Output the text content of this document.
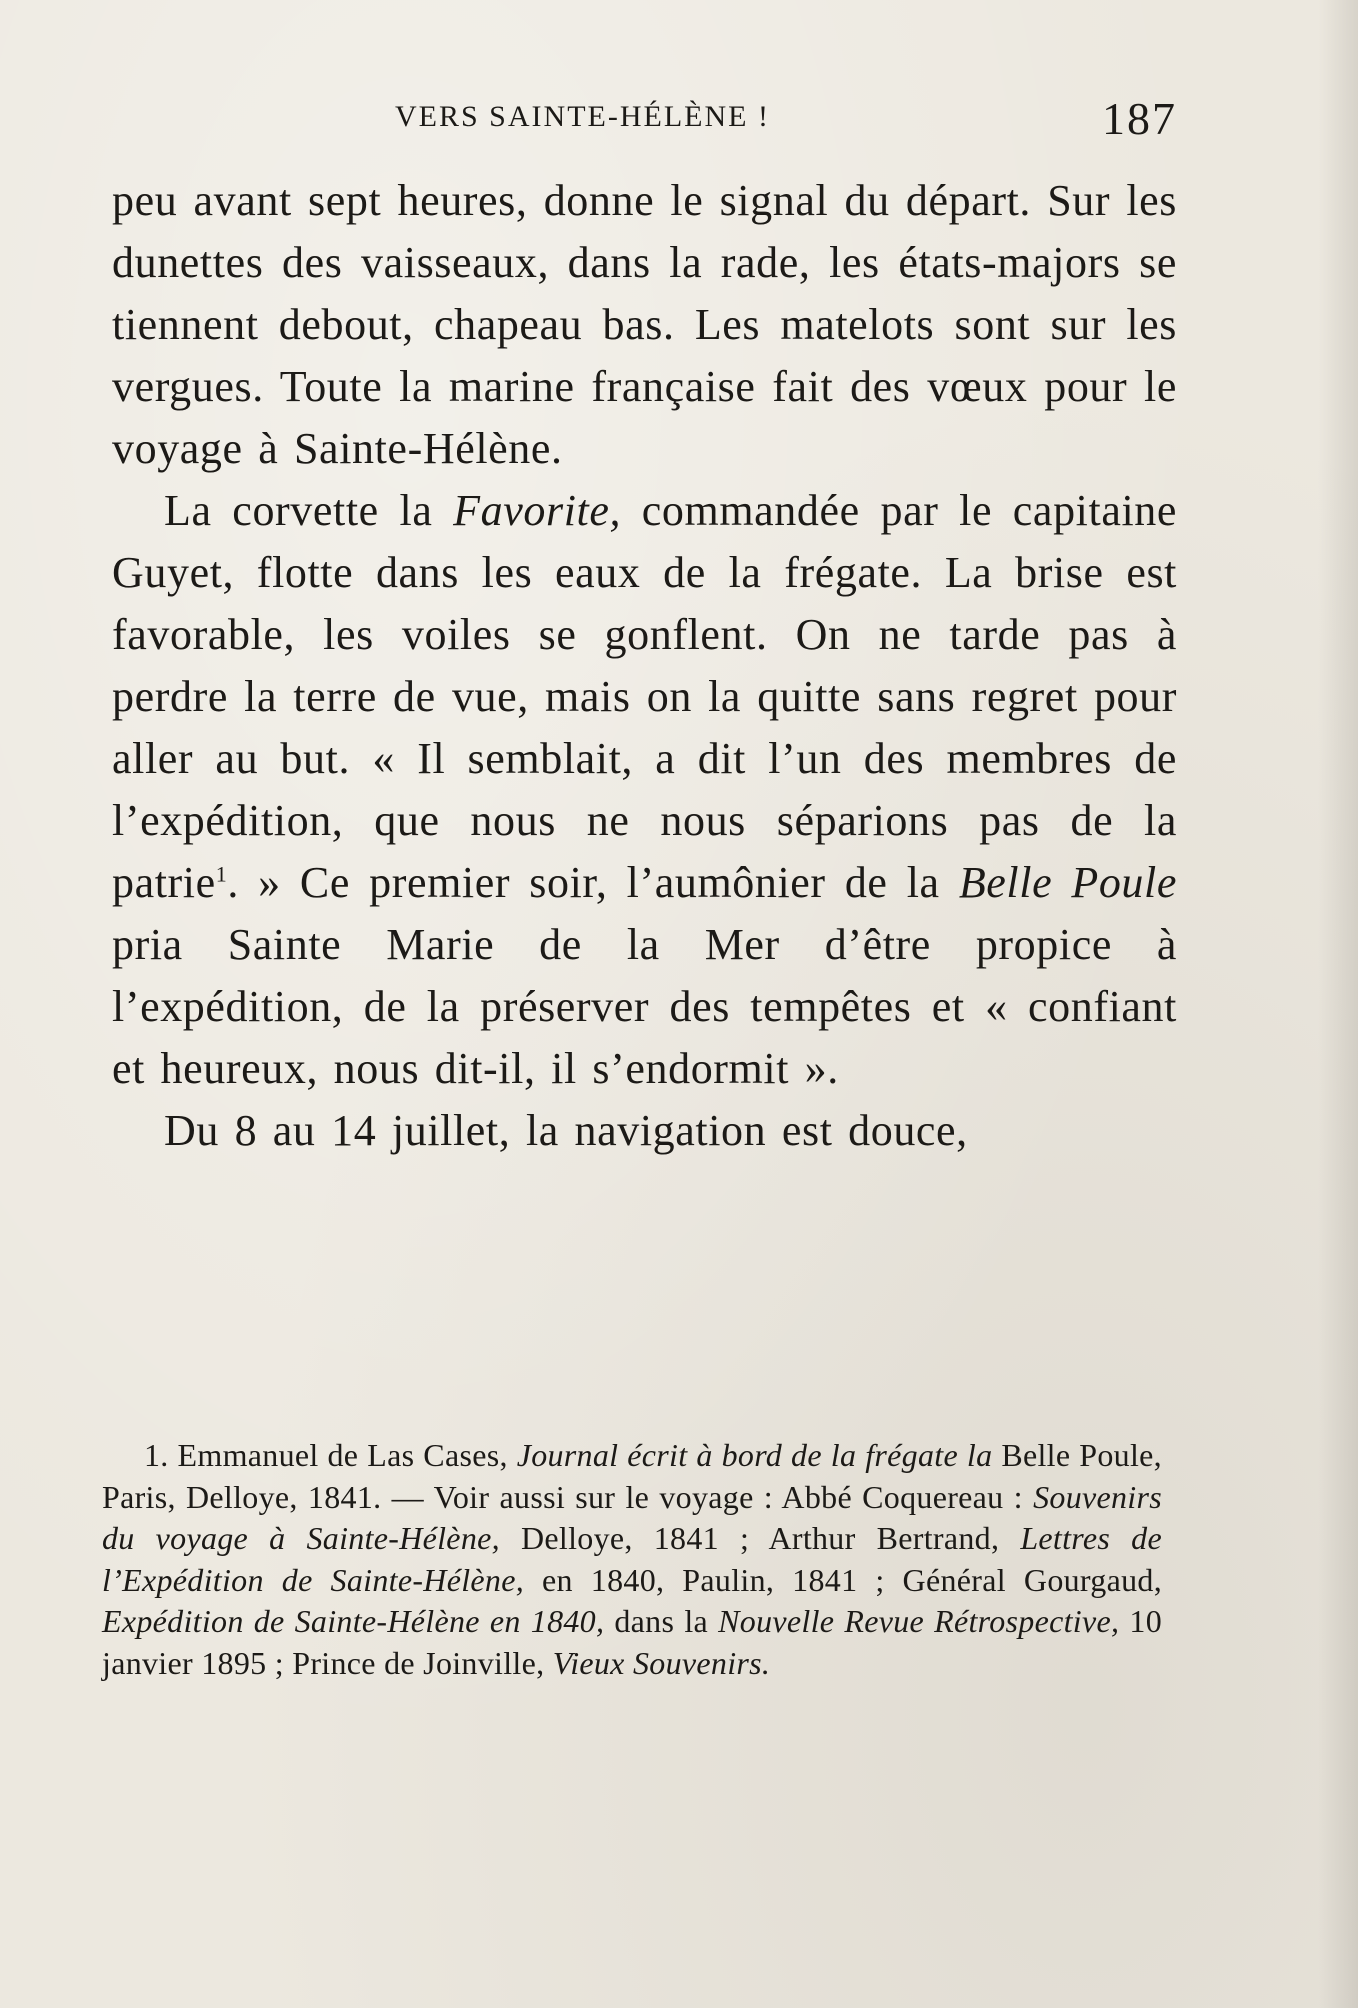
VERS SAINTE-HÉLÈNE !	187

peu avant sept heures, donne le signal du départ. Sur les dunettes des vaisseaux, dans la rade, les états-majors se tiennent debout, chapeau bas. Les matelots sont sur les vergues. Toute la marine française fait des vœux pour le voyage à Sainte-Hélène.

La corvette la Favorite, commandée par le capitaine Guyet, flotte dans les eaux de la frégate. La brise est favorable, les voiles se gonflent. On ne tarde pas à perdre la terre de vue, mais on la quitte sans regret pour aller au but. « Il semblait, a dit l’un des membres de l’expédition, que nous ne nous séparions pas de la patrie$^1$. » Ce premier soir, l’aumônier de la Belle Poule pria Sainte Marie de la Mer d’être propice à l’expédition, de la préserver des tempêtes et « confiant et heureux, nous dit-il, il s’endormit ».

Du 8 au 14 juillet, la navigation est douce,

1. Emmanuel de Las Cases, Journal écrit à bord de la frégate la Belle Poule, Paris, Delloye, 1841. — Voir aussi sur le voyage : Abbé Coquereau : Souvenirs du voyage à Sainte-Hélène, Delloye, 1841 ; Arthur Bertrand, Lettres de l’Expédition de Sainte-Hélène, en 1840, Paulin, 1841 ; Général Gourgaud, Expédition de Sainte-Hélène en 1840, dans la Nouvelle Revue Rétrospective, 10 janvier 1895 ; Prince de Joinville, Vieux Souvenirs.
